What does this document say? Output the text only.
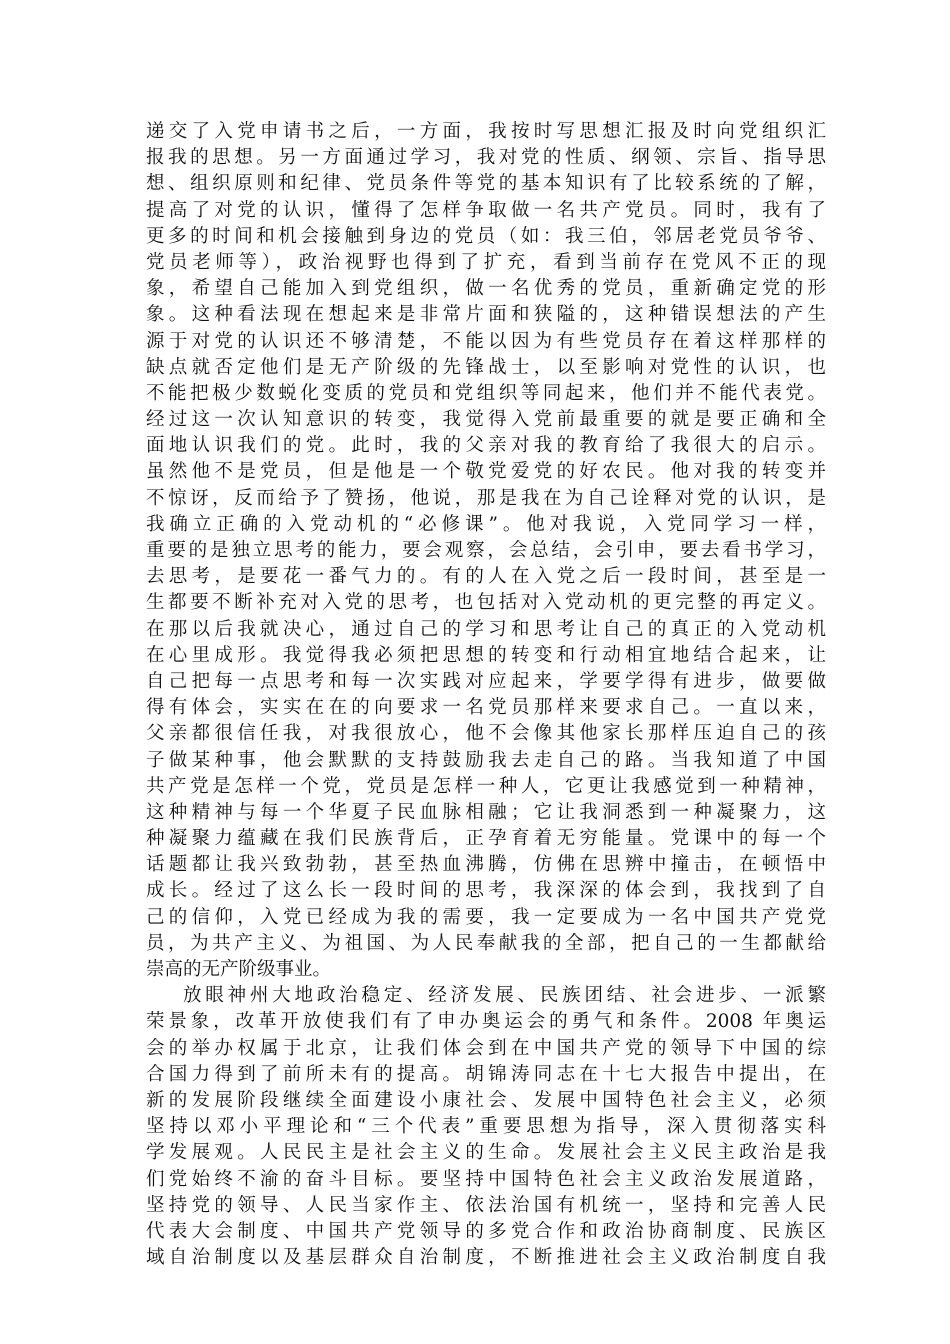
递交了入党申请书之后，一方面，我按时写思想汇报及时向党组织汇
报我的思想。另一方面通过学习，我对党的性质、纲领、宗旨、指导思
想、组织原则和纪律、党员条件等党的基本知识有了比较系统的了解，
提高了对党的认识，懂得了怎样争取做一名共产党员。同时，我有了
更多的时间和机会接触到身边的党员（如：我三伯，邻居老党员爷爷、
党员老师等），政治视野也得到了扩充，看到当前存在党风不正的现
象，希望自己能加入到党组织，做一名优秀的党员，重新确定党的形
象。这种看法现在想起来是非常片面和狭隘的，这种错误想法的产生
源于对党的认识还不够清楚，不能以因为有些党员存在着这样那样的
缺点就否定他们是无产阶级的先锋战士，以至影响对党性的认识，也
不能把极少数蜕化变质的党员和党组织等同起来，他们并不能代表党。
经过这一次认知意识的转变，我觉得入党前最重要的就是要正确和全
面地认识我们的党。此时，我的父亲对我的教育给了我很大的启示。
虽然他不是党员，但是他是一个敬党爱党的好农民。他对我的转变并
不惊讶，反而给予了赞扬，他说，那是我在为自己诠释对党的认识，是
我确立正确的入党动机的“必修课”。他对我说，入党同学习一样，
重要的是独立思考的能力，要会观察，会总结，会引申，要去看书学习，
去思考，是要花一番气力的。有的人在入党之后一段时间，甚至是一
生都要不断补充对入党的思考，也包括对入党动机的更完整的再定义。
在那以后我就决心，通过自己的学习和思考让自己的真正的入党动机
在心里成形。我觉得我必须把思想的转变和行动相宜地结合起来，让
自己把每一点思考和每一次实践对应起来，学要学得有进步，做要做
得有体会，实实在在的向要求一名党员那样来要求自己。一直以来，
父亲都很信任我，对我很放心，他不会像其他家长那样压迫自己的孩
子做某种事，他会默默的支持鼓励我去走自己的路。当我知道了中国
共产党是怎样一个党，党员是怎样一种人，它更让我感觉到一种精神，
这种精神与每一个华夏子民血脉相融；它让我洞悉到一种凝聚力，这
种凝聚力蕴藏在我们民族背后，正孕育着无穷能量。党课中的每一个
话题都让我兴致勃勃，甚至热血沸腾，仿佛在思辨中撞击，在顿悟中
成长。经过了这么长一段时间的思考，我深深的体会到，我找到了自
己的信仰，入党已经成为我的需要，我一定要成为一名中国共产党党
员，为共产主义、为祖国、为人民奉献我的全部，把自己的一生都献给
崇高的无产阶级事业。
放眼神州大地政治稳定、经济发展、民族团结、社会进步、一派繁
荣景象，改革开放使我们有了申办奥运会的勇气和条件。2008 年奥运
会的举办权属于北京，让我们体会到在中国共产党的领导下中国的综
合国力得到了前所未有的提高。胡锦涛同志在十七大报告中提出，在
新的发展阶段继续全面建设小康社会、发展中国特色社会主义，必须
坚持以邓小平理论和“三个代表”重要思想为指导，深入贯彻落实科
学发展观。人民民主是社会主义的生命。发展社会主义民主政治是我
们党始终不渝的奋斗目标。要坚持中国特色社会主义政治发展道路，
坚持党的领导、人民当家作主、依法治国有机统一，坚持和完善人民
代表大会制度、中国共产党领导的多党合作和政治协商制度、民族区
域自治制度以及基层群众自治制度，不断推进社会主义政治制度自我
